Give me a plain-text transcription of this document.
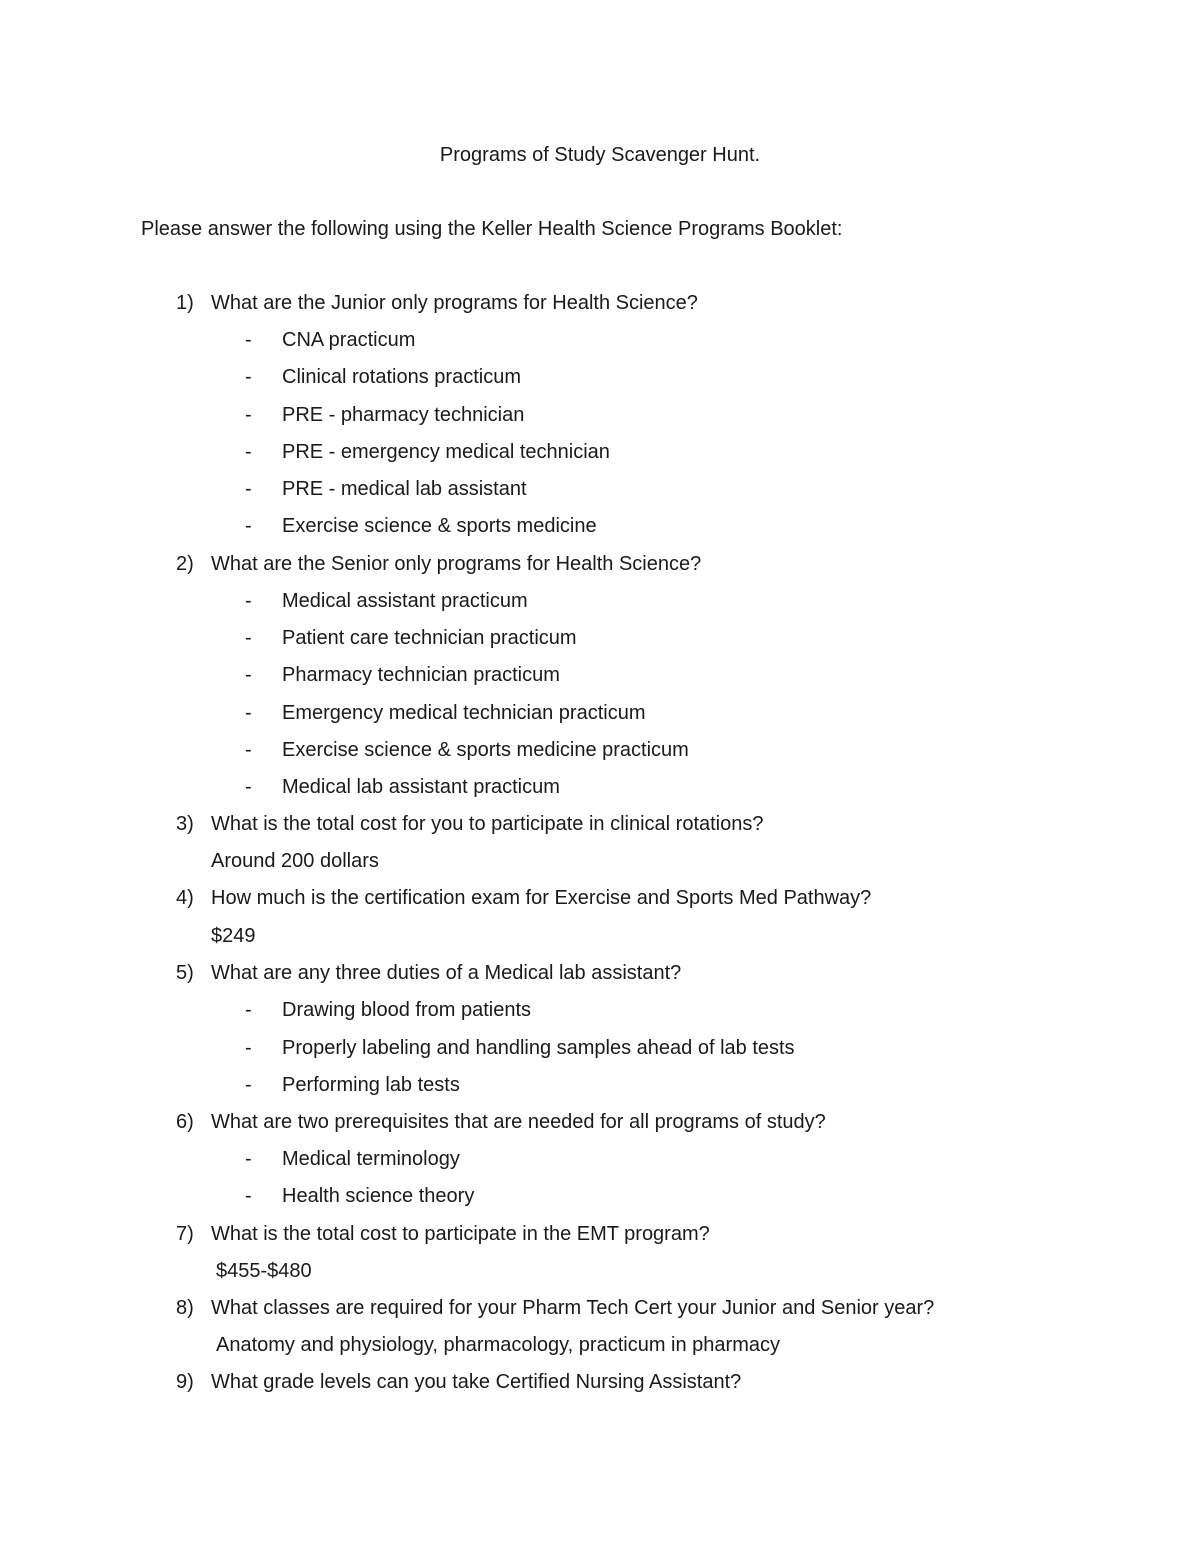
Programs of Study Scavenger Hunt.
Please answer the following using the Keller Health Science Programs Booklet:
1) What are the Junior only programs for Health Science?
- CNA practicum
- Clinical rotations practicum
- PRE - pharmacy technician
- PRE - emergency medical technician
- PRE - medical lab assistant
- Exercise science & sports medicine
2) What are the Senior only programs for Health Science?
- Medical assistant practicum
- Patient care technician practicum
- Pharmacy technician practicum
- Emergency medical technician practicum
- Exercise science & sports medicine practicum
- Medical lab assistant practicum
3) What is the total cost for you to participate in clinical rotations?
Around 200 dollars
4) How much is the certification exam for Exercise and Sports Med Pathway?
$249
5) What are any three duties of a Medical lab assistant?
- Drawing blood from patients
- Properly labeling and handling samples ahead of lab tests
- Performing lab tests
6) What are two prerequisites that are needed for all programs of study?
- Medical terminology
- Health science theory
7) What is the total cost to participate in the EMT program?
$455-$480
8) What classes are required for your Pharm Tech Cert your Junior and Senior year?
Anatomy and physiology, pharmacology, practicum in pharmacy
9) What grade levels can you take Certified Nursing Assistant?
